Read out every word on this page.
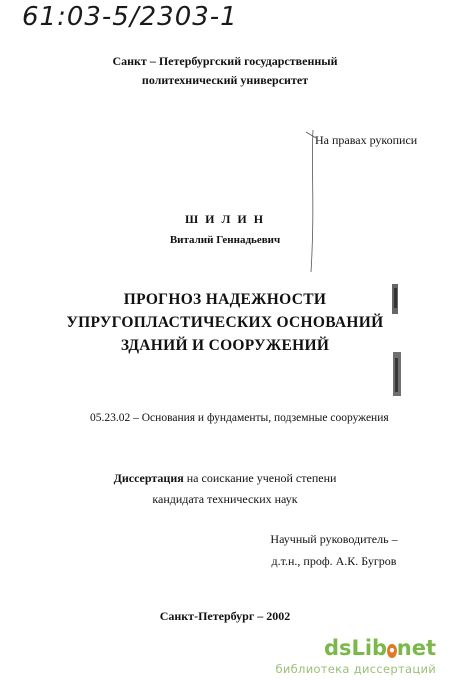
61:03-5/2303-1
Санкт – Петербургский государственный
политехнический университет
На правах рукописи
Ш И Л И Н
Виталий Геннадьевич
ПРОГНОЗ НАДЕЖНОСТИ
УПРУГОПЛАСТИЧЕСКИХ ОСНОВАНИЙ
ЗДАНИЙ И СООРУЖЕНИЙ
05.23.02 – Основания и фундаменты, подземные сооружения
Диссертация на соискание ученой степени
кандидата технических наук
Научный руководитель –
д.т.н., проф. А.К. Бугров
Санкт-Петербург – 2002
dsLib•net
библиотека диссертаций
